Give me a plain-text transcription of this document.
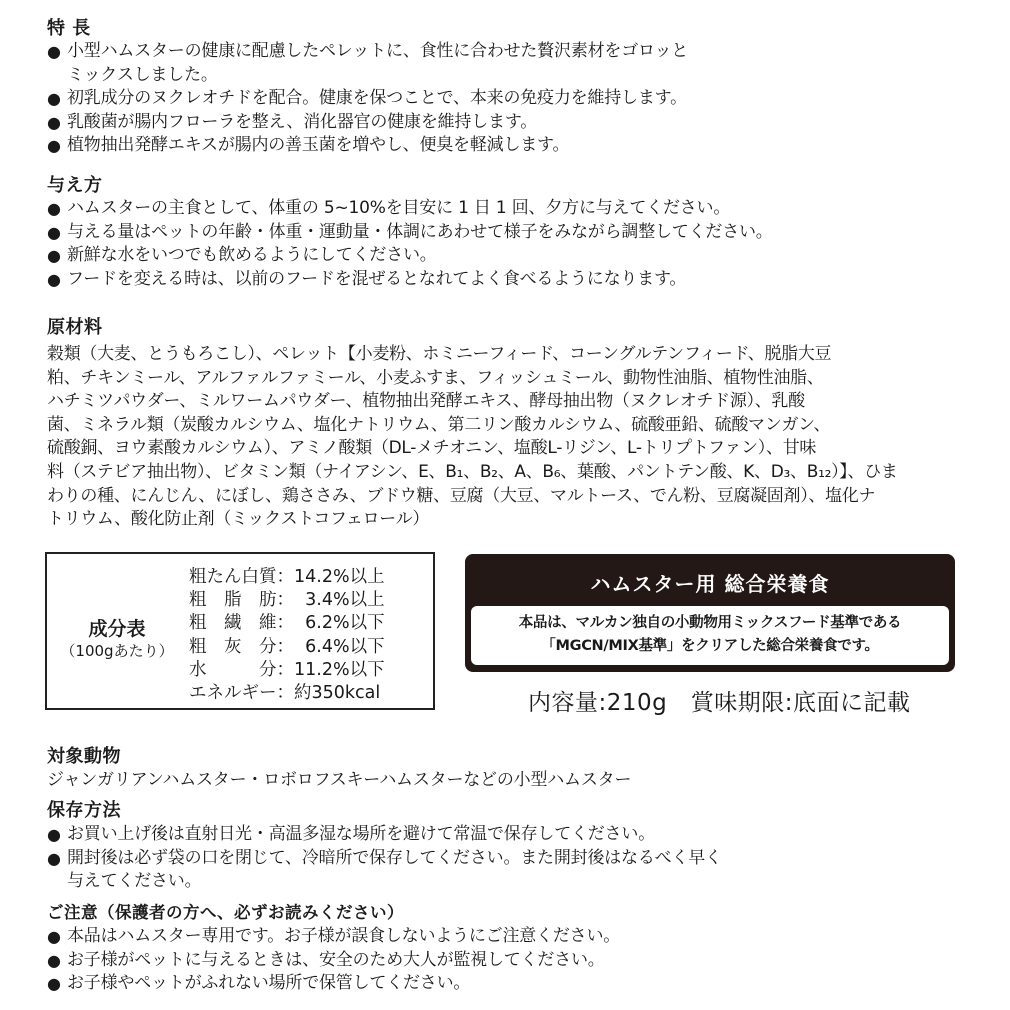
特 長
● 小型ハムスターの健康に配慮したペレットに、食性に合わせた贅沢素材をゴロッと
ミックスしました。
● 初乳成分のヌクレオチドを配合。健康を保つことで、本来の免疫力を維持します。
● 乳酸菌が腸内フローラを整え、消化器官の健康を維持します。
● 植物抽出発酵エキスが腸内の善玉菌を増やし、便臭を軽減します。
与え方
● ハムスターの主食として、体重の 5~10%を目安に 1 日 1 回、夕方に与えてください。
● 与える量はペットの年齢・体重・運動量・体調にあわせて様子をみながら調整してください。
● 新鮮な水をいつでも飲めるようにしてください。
● フードを変える時は、以前のフードを混ぜるとなれてよく食べるようになります。
原材料
穀類（大麦、とうもろこし）、ペレット【小麦粉、ホミニーフィード、コーングルテンフィード、脱脂大豆
粕、チキンミール、アルファルファミール、小麦ふすま、フィッシュミール、動物性油脂、植物性油脂、
ハチミツパウダー、ミルワームパウダー、植物抽出発酵エキス、酵母抽出物（ヌクレオチド源）、乳酸
菌、ミネラル類（炭酸カルシウム、塩化ナトリウム、第二リン酸カルシウム、硫酸亜鉛、硫酸マンガン、
硫酸銅、ヨウ素酸カルシウム）、アミノ酸類（DL-メチオニン、塩酸L-リジン、L-トリプトファン）、甘味
料（ステビア抽出物）、ビタミン類（ナイアシン、E、B₁、B₂、A、B₆、葉酸、パントテン酸、K、D₃、B₁₂）】、ひま
わりの種、にんじん、にぼし、鶏ささみ、ブドウ糖、豆腐（大豆、マルトース、でん粉、豆腐凝固剤）、塩化ナ
トリウム、酸化防止剤（ミックストコフェロール）
成分表
（100gあたり）
粗たん白質：14.2%以上
粗　脂　肪：  3.4%以上
粗　繊　維：  6.2%以下
粗　灰　分：  6.4%以下
水　　　分：11.2%以下
エネルギー：約350kcal
ハムスター用 総合栄養食
本品は、マルカン独自の小動物用ミックスフード基準である
「MGCN/MIX基準」をクリアした総合栄養食です。
内容量:210g　賞味期限:底面に記載
対象動物
ジャンガリアンハムスター・ロボロフスキーハムスターなどの小型ハムスター
保存方法
● お買い上げ後は直射日光・高温多湿な場所を避けて常温で保存してください。
● 開封後は必ず袋の口を閉じて、冷暗所で保存してください。また開封後はなるべく早く
与えてください。
ご注意（保護者の方へ、必ずお読みください）
● 本品はハムスター専用です。お子様が誤食しないようにご注意ください。
● お子様がペットに与えるときは、安全のため大人が監視してください。
● お子様やペットがふれない場所で保管してください。
